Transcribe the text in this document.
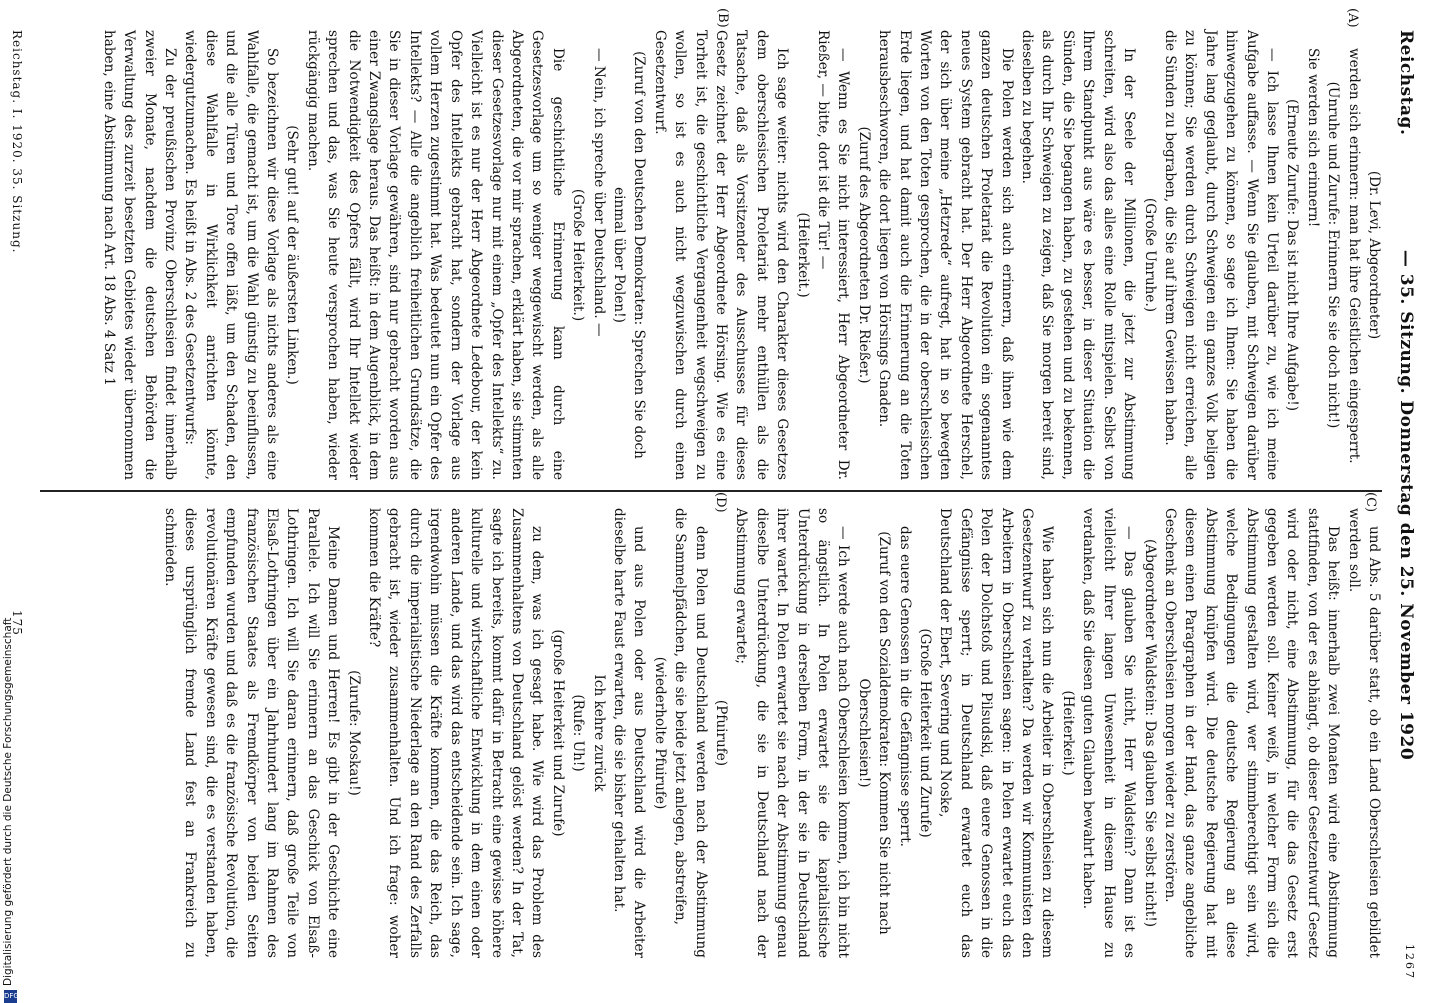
Reichstag.
— 35. Sitzung. Donnerstag den 25. November 1920
1267

(Dr. Levi, Abgeordneter)

werden sich erinnern: man hat ihre Geistlichen eingesperrt.

(Unruhe und Zurufe: Erinnern Sie sie doch nicht!)

Sie werden sich erinnern!

(Erneute Zurufe: Das ist nicht Ihre Aufgabe!)

— Ich lasse Ihnen kein Urteil darüber zu, wie ich meine Aufgabe auffasse. — Wenn Sie glauben, mit Schweigen darüber hinwegzugehen zu können, so sage ich Ihnen: Sie haben die Jahre lang geglaubt, durch Schweigen ein ganzes Volk beligen zu können; Sie werden durch Schweigen nicht erreichen, alle die Sünden zu begraben, die Sie auf ihrem Gewissen haben.

(Große Unruhe.)

In der Seele der Millionen, die jetzt zur Abstimmung schreiten, wird also das alles eine Rolle mitspielen. Selbst von Ihrem Standpunkt aus wäre es besser, in dieser Situation die Sünden, die Sie begangen haben, zu gestehen und zu bekennen, als durch Ihr Schweigen zu zeigen, daß Sie morgen bereit sind, dieselben zu begehen.

Die Polen werden sich auch erinnern, daß ihnen wie dem ganzen deutschen Proletariat die Revolution ein sogenanntes neues System gebracht hat. Der Herr Abgeordnete Herschel, der sich über meine „Hetzrede“ aufregt, hat in so bewegten Worten von den Toten gesprochen, die in der oberschlesischen Erde liegen, und hat damit auch die Erinnerung an die Toten herausbeschworen, die dort liegen von Hörsings Gnaden.

(Zuruf des Abgeordneten Dr. Rießer.)

— Wenn es Sie nicht interessiert, Herr Abgeordneter Dr. Rießer, — bitte, dort ist die Tür! —

(Heiterkeit.)

Ich sage weiter: nichts wird den Charakter dieses Gesetzes dem oberschlesischen Proletariat mehr enthüllen als die Tatsache, daß als Vorsitzender des Ausschusses für dieses Gesetz zeichnet der Herr Abgeordnete Hörsing. Wie es eine Torheit ist, die geschichtliche Vergangenheit wegschweigen zu wollen, so ist es auch nicht wegzuwischen durch einen Gesetzentwurf.

(Zuruf von den Deutschen Demokraten: Sprechen Sie doch einmal über Polen!)

— Nein, ich spreche über Deutschland. —

(Große Heiterkeit.)

Die geschichtliche Erinnerung kann durch eine Gesetzesvorlage um so weniger weggewischt werden, als alle Abgeordneten, die vor mir sprachen, erklärt haben, sie stimmten dieser Gesetzesvorlage nur mit einem „Opfer des Intellekts“ zu. Vielleicht ist es nur der Herr Abgeordnete Ledebour, der kein Opfer des Intellekts gebracht hat, sondern der Vorlage aus vollem Herzen zugestimmt hat. Was bedeutet nun ein Opfer des Intellekts? — Alle die angeblich freiheitlichen Grundsätze, die Sie in dieser Vorlage gewähren, sind nur gebracht worden aus einer Zwangslage heraus. Das heißt: in dem Augenblick, in dem die Notwendigkeit des Opfers fällt, wird Ihr Intellekt wieder sprechen und das, was Sie heute versprochen haben, wieder rückgängig machen.

(Sehr gut! auf der äußersten Linken.)

So bezeichnen wir diese Vorlage als nichts anderes als eine Wahlfalle, die gemacht ist, um die Wahl günstig zu beeinflussen, und die alle Türen und Tore offen läßt, um den Schaden, den diese Wahlfalle in Wirklichkeit anrichten könnte, wiedergutzumachen. Es heißt in Abs. 2 des Gesetzentwurfs:

Zu der preußischen Provinz Oberschlesien findet innerhalb zweier Monate, nachdem die deutschen Behörden die Verwaltung des zurzeit besetzten Gebietes wieder übernommen haben, eine Abstimmung nach Art. 18 Abs. 4 Satz 1

und Abs. 5 darüber statt, ob ein Land Oberschlesien gebildet werden soll.

Das heißt: innerhalb zwei Monaten wird eine Abstimmung stattfinden, von der es abhängt, ob dieser Gesetzentwurf Gesetz wird oder nicht, eine Abstimmung, für die das Gesetz erst gegeben werden soll. Keiner weiß, in welcher Form sich die Abstimmung gestalten wird, wer stimmberechtigt sein wird, welche Bedingungen die deutsche Regierung an diese Abstimmung knüpfen wird. Die deutsche Regierung hat mit diesem einen Paragraphen in der Hand, das ganze angebliche Geschenk an Oberschlesien morgen wieder zu zerstören.

(Abgeordneter Waldstein: Das glauben Sie selbst nicht!)

— Das glauben Sie nicht, Herr Waldstein? Dann ist es vielleicht Ihrer langen Unwesenheit in diesem Hause zu verdanken, daß Sie diesen guten Glauben bewahrt haben.

(Heiterkeit.)

Wie haben sich nun die Arbeiter in Oberschlesien zu diesem Gesetzentwurf zu verhalten? Da werden wir Kommunisten den Arbeitern in Oberschlesien sagen: in Polen erwartet euch das Polen der Dolchstoß und Pilsudski, daß euere Genossen in die Gefängnisse sperrt; in Deutschland erwartet euch das Deutschland der Ebert, Severing und Noske,

(Große Heiterkeit und Zurufe)

das euere Genossen in die Gefängnisse sperrt.

(Zuruf von den Sozialdemokraten: Kommen Sie nicht nach Oberschlesien!)

— Ich werde auch nach Oberschlesien kommen, ich bin nicht so ängstlich. In Polen erwartet sie die kapitalistische Unterdrückung in derselben Form, in der sie in Deutschland ihrer wartet. In Polen erwartet sie nach der Abstimmung genau dieselbe Unterdrückung, die sie in Deutschland nach der Abstimmung erwartet;

(Pfuirufe)

denn Polen und Deutschland werden nach der Abstimmung die Sammelpfädchen, die sie beide jetzt anlegen, abstreifen,

(wiederholte Pfuirufe)

und aus Polen oder aus Deutschland wird die Arbeiter dieselbe harte Faust erwarten, die sie bisher gehalten hat.

Ich kehre zurück

(Rufe: Uh!)

(große Heiterkeit und Zurufe)

zu dem, was ich gesagt habe. Wie wird das Problem des Zusammenhaltens von Deutschland gelöst werden? In der Tat, sagte ich bereits, kommt dafür in Betracht eine gewisse höhere kulturelle und wirtschaftliche Entwicklung in dem einen oder anderen Lande, und das wird das entscheidende sein. Ich sage, irgendwohin müssen die Kräfte kommen, die das Reich, das durch die imperialistische Niederlage an den Rand des Zerfalls gebracht ist, wieder zusammenhalten. Und ich frage: woher kommen die Kräfte?

(Zurufe: Moskau!)

Meine Damen und Herren! Es gibt in der Geschichte eine Parallele. Ich will Sie erinnern an das Geschick von Elsaß-Lothringen. Ich will Sie daran erinnern, daß große Teile von Elsaß-Lothringen über ein Jahrhundert lang im Rahmen des französischen Staates als Fremdkörper von beiden Seiten empfunden wurden und daß es die französische Revolution, die revolutionären Kräfte gewesen sind, die es verstanden haben, dieses ursprünglich fremde Land fest an Frankreich zu schmieden.

(A)
(B)
(C)
(D)
Reichstag. I. 1920. 35. Sitzung.
175
DFG
Digitalisierung gefördert durch die Deutsche Forschungsgemeinschaft
